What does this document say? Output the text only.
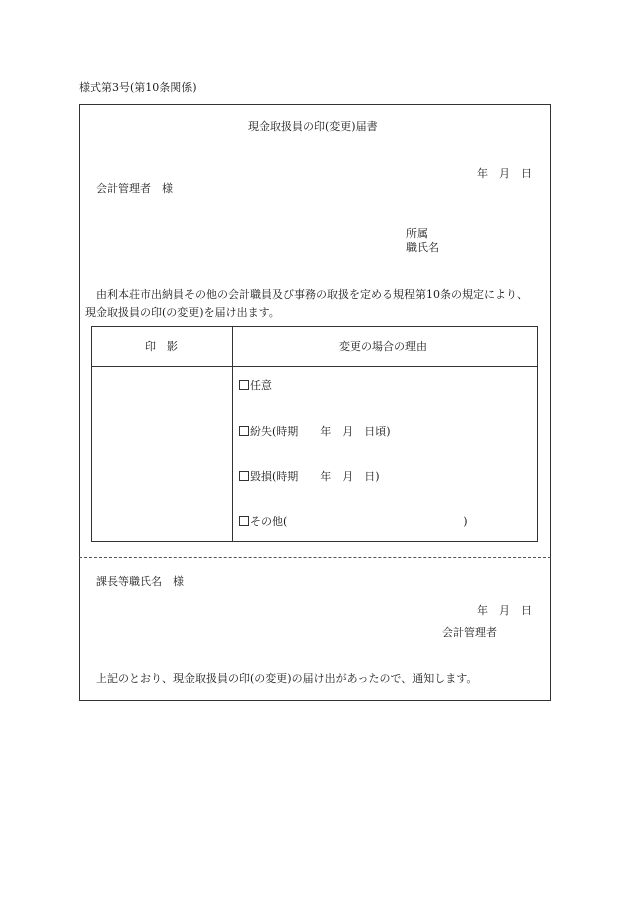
様式第3号(第10条関係)
現金取扱員の印(変更)届書
年　月　日
会計管理者　様
所属
職氏名
由利本荘市出納員その他の会計職員及び事務の取扱を定める規程第10条の規定により、
現金取扱員の印(の変更)を届け出ます。
印　影	変更の場合の理由
任意
紛失(時期　　年　月　日頃)
毀損(時期　　年　月　日)
その他(　　　　　　　　　　　　　　　　)
課長等職氏名　様
年　月　日
会計管理者
上記のとおり、現金取扱員の印(の変更)の届け出があったので、通知します。
